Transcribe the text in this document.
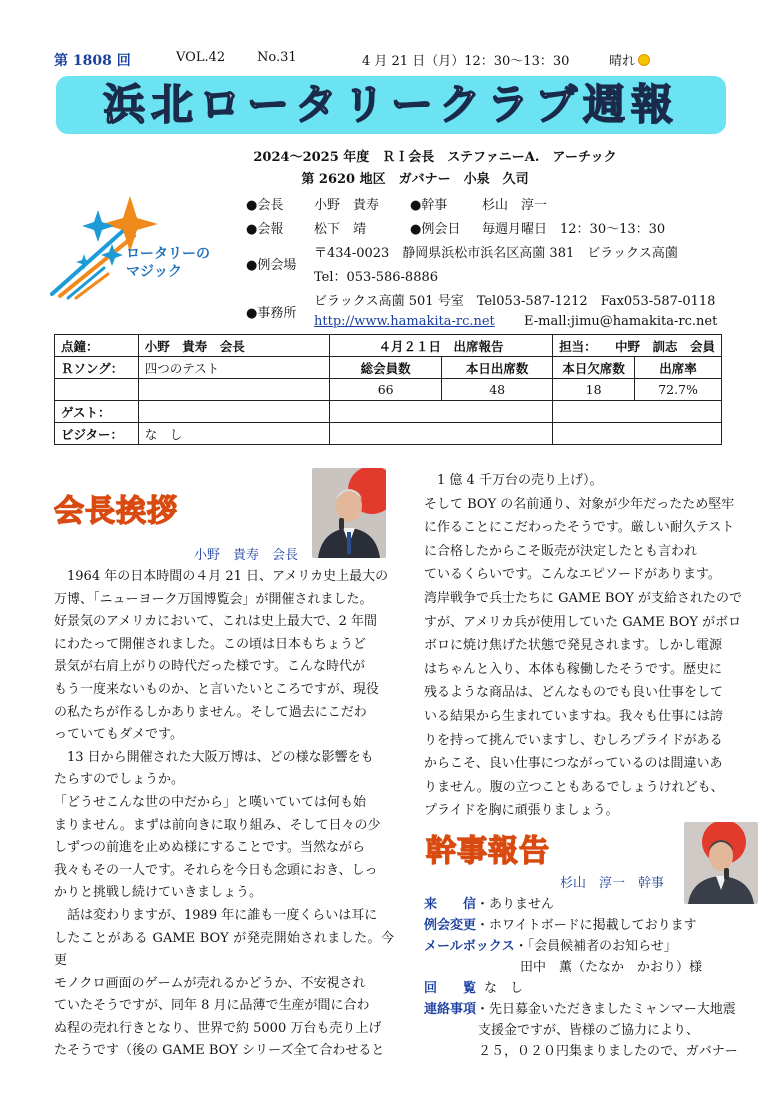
第 1808 回	VOL.42 No.31	4 月 21 日（月）12：30～13：30	晴れ
浜北ロータリークラブ週報
2024～2025 年度　ＲＩ会長　ステファニーA.　アーチック
第 2620 地区　ガバナー　小泉　久司
ロータリーの
マジック
●会長 小野　貴寿 ●幹事	杉山　淳一
●会報 松下　靖	●例会日 毎週月曜日　12：30～13：30
●例会場
〒434-0023　静岡県浜松市浜名区高薗 381　ビラックス高薗
Tel：053-586-8886
●事務所
ビラックス高薗 501 号室　Tel053-587-1212　Fax053-587-0118
http://www.hamakita-rc.net E-mall:jimu@hamakita-rc.net
点鐘：	小野　貴寿　会長	４月２１日　出席報告		担当： 中野　訓志　会員	
Ｒソング：	四つのテスト	総会員数	本日出席数	本日欠席数	出席率
		66	48	18	72.7%
ゲスト：					
ビジター：	な　し				
会長挨拶
小野　貴寿　会長
　1964 年の日本時間の４月 21 日、アメリカ史上最大の
万博、「ニューヨーク万国博覧会」が開催されました。
好景気のアメリカにおいて、これは史上最大で、2 年間
にわたって開催されました。この頃は日本もちょうど
景気が右肩上がりの時代だった様です。こんな時代が
もう一度来ないものか、と言いたいところですが、現役
の私たちが作るしかありません。そして過去にこだわ
っていてもダメです。
　13 日から開催された大阪万博は、どの様な影響をも
たらすのでしょうか。
「どうせこんな世の中だから」と嘆いていては何も始
まりません。まずは前向きに取り組み、そして日々の少
しずつの前進を止めぬ様にすることです。当然ながら
我々もその一人です。それらを今日も念頭におき、しっ
かりと挑戦し続けていきましょう。
　話は変わりますが、1989 年に誰も一度くらいは耳に
したことがある GAME BOY が発売開始されました。今更
モノクロ画面のゲームが売れるかどうか、不安視され
ていたそうですが、同年 8 月に品薄で生産が間に合わ
ぬ程の売れ行きとなり、世界で約 5000 万台も売り上げ
たそうです（後の GAME BOY シリーズ全て合わせると
　1 億 4 千万台の売り上げ）。
そして BOY の名前通り、対象が少年だったため堅牢
に作ることにこだわったそうです。厳しい耐久テスト
に合格したからこそ販売が決定したとも言われ
ているくらいです。こんなエピソードがあります。
湾岸戦争で兵士たちに GAME BOY が支給されたので
すが、アメリカ兵が使用していた GAME BOY がボロ
ボロに焼け焦げた状態で発見されます。しかし電源
はちゃんと入り、本体も稼働したそうです。歴史に
残るような商品は、どんなものでも良い仕事をして
いる結果から生まれていますね。我々も仕事には誇
りを持って挑んでいますし、むしろプライドがある
からこそ、良い仕事につながっているのは間違いあ
りません。腹の立つこともあるでしょうけれども、
プライドを胸に頑張りましょう。
幹事報告
杉山　淳一　幹事
来　　信・ありません
例会変更・ホワイトボードに掲載しております
メールボックス・「会員候補者のお知らせ」
田中　薫（たなか　かおり）様
回　　覧 な　し
連絡事項・先日募金いただきましたミャンマー大地震
支援金ですが、皆様のご協力により、
２５，０２０円集まりましたので、ガバナー
